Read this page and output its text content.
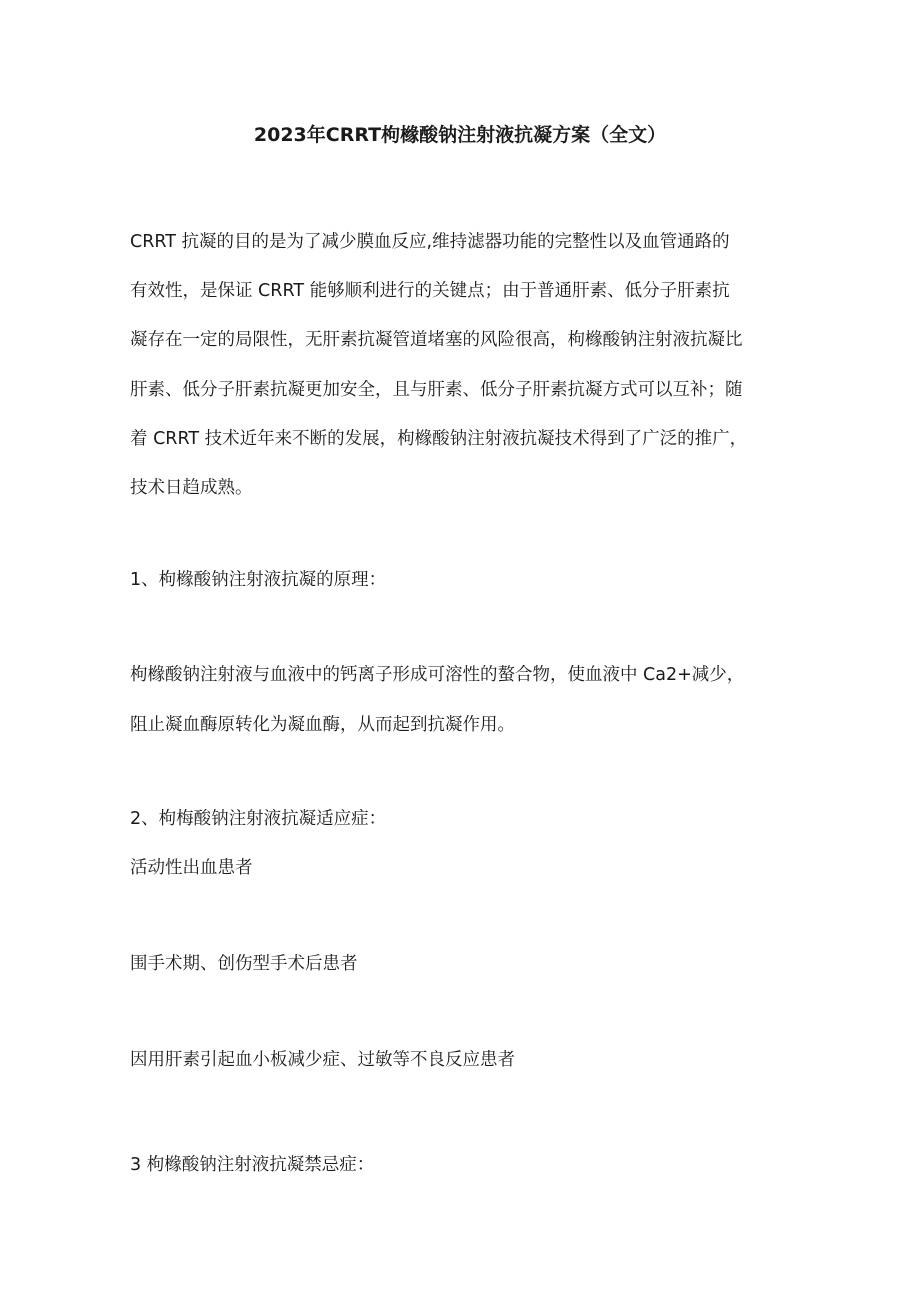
2023年CRRT枸橼酸钠注射液抗凝方案（全文）
CRRT 抗凝的目的是为了减少膜血反应,维持滤器功能的完整性以及血管通路的
有效性，是保证 CRRT 能够顺利进行的关键点；由于普通肝素、低分子肝素抗
凝存在一定的局限性，无肝素抗凝管道堵塞的风险很高，枸橼酸钠注射液抗凝比
肝素、低分子肝素抗凝更加安全，且与肝素、低分子肝素抗凝方式可以互补；随
着 CRRT 技术近年来不断的发展，枸橼酸钠注射液抗凝技术得到了广泛的推广，
技术日趋成熟。
1、枸橼酸钠注射液抗凝的原理：
枸橼酸钠注射液与血液中的钙离子形成可溶性的螯合物，使血液中 Ca2+减少，
阻止凝血酶原转化为凝血酶，从而起到抗凝作用。
2、枸梅酸钠注射液抗凝适应症：
活动性出血患者
围手术期、创伤型手术后患者
因用肝素引起血小板减少症、过敏等不良反应患者
3 枸橼酸钠注射液抗凝禁忌症：
